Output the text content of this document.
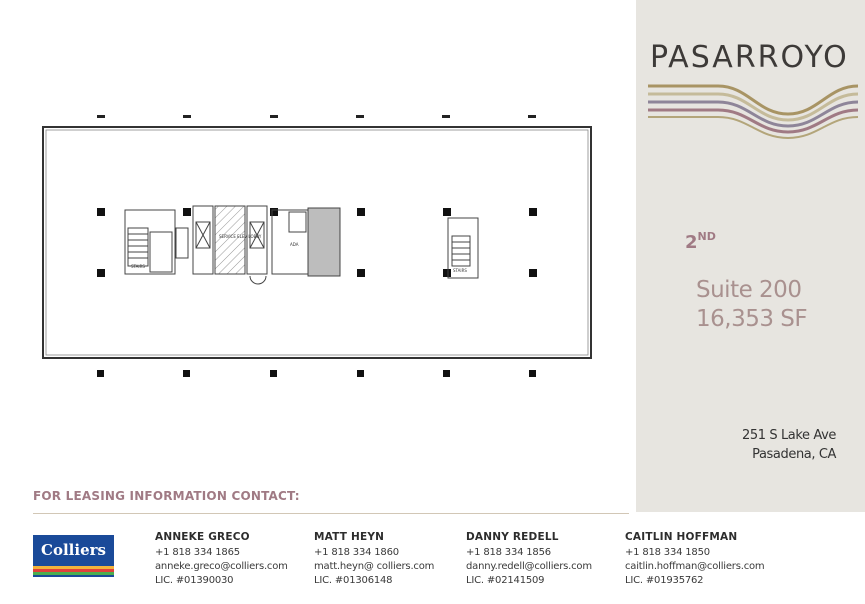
STAIRS
STAIRS
SERVICE ELEV LOBBY
ADA
PASARROYO
2ND
Suite 200
16,353 SF
251 S Lake Ave
Pasadena, CA
FOR LEASING INFORMATION CONTACT:
Colliers
ANNEKE GRECO
+1 818 334 1865
anneke.greco@colliers.com
LIC. #01390030
MATT HEYN
+1 818 334 1860
matt.heyn@ colliers.com
LIC. #01306148
DANNY REDELL
+1 818 334 1856
danny.redell@colliers.com
LIC. #02141509
CAITLIN HOFFMAN
+1 818 334 1850
caitlin.hoffman@colliers.com
LIC. #01935762
